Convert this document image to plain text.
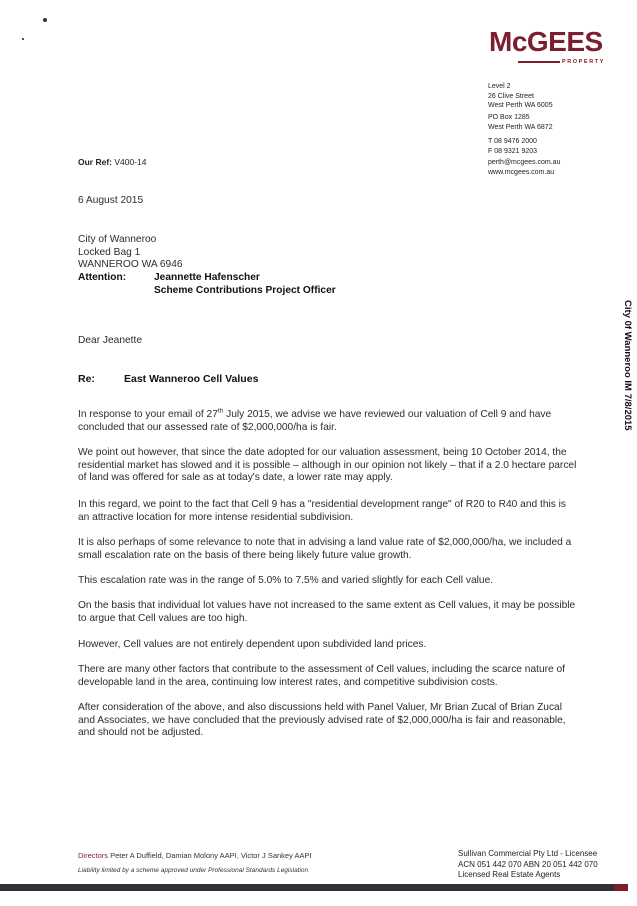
McGEES
PROPERTY
Level 2
26 Clive Street
West Perth WA 6005
PO Box 1285
West Perth WA 6872
T 08 9476 2000
F 08 9321 9203
perth@mcgees.com.au
www.mcgees.com.au
Our Ref: V400-14
6 August 2015
City of Wanneroo
Locked Bag 1
WANNEROO WA 6946
Attention:	Jeannette Hafenscher
Scheme Contributions Project Officer
Dear Jeanette
Re:	East Wanneroo Cell Values
In response to your email of 27th July 2015, we advise we have reviewed our valuation of Cell 9 and have concluded that our assessed rate of $2,000,000/ha is fair.
We point out however, that since the date adopted for our valuation assessment, being 10 October 2014, the residential market has slowed and it is possible – although in our opinion not likely – that if a 2.0 hectare parcel of land was offered for sale as at today's date, a lower rate may apply.
In this regard, we point to the fact that Cell 9 has a "residential development range" of R20 to R40 and this is an attractive location for more intense residential subdivision.
It is also perhaps of some relevance to note that in advising a land value rate of $2,000,000/ha, we included a small escalation rate on the basis of there being likely future value growth.
This escalation rate was in the range of 5.0% to 7.5% and varied slightly for each Cell value.
On the basis that individual lot values have not increased to the same extent as Cell values, it may be possible to argue that Cell values are too high.
However, Cell values are not entirely dependent upon subdivided land prices.
There are many other factors that contribute to the assessment of Cell values, including the scarce nature of developable land in the area, continuing low interest rates, and competitive subdivision costs.
After consideration of the above, and also discussions held with Panel Valuer, Mr Brian Zucal of Brian Zucal and Associates, we have concluded that the previously advised rate of $2,000,000/ha is fair and reasonable, and should not be adjusted.
City 0f Wanneroo IM 7/8/2015
Directors Peter A Duffield, Damian Molony AAPI, Victor J Sankey AAPI
Liability limited by a scheme approved under Professional Standards Legislation
Sullivan Commercial Pty Ltd - Licensee
ACN 051 442 070 ABN 20 051 442 070
Licensed Real Estate Agents
